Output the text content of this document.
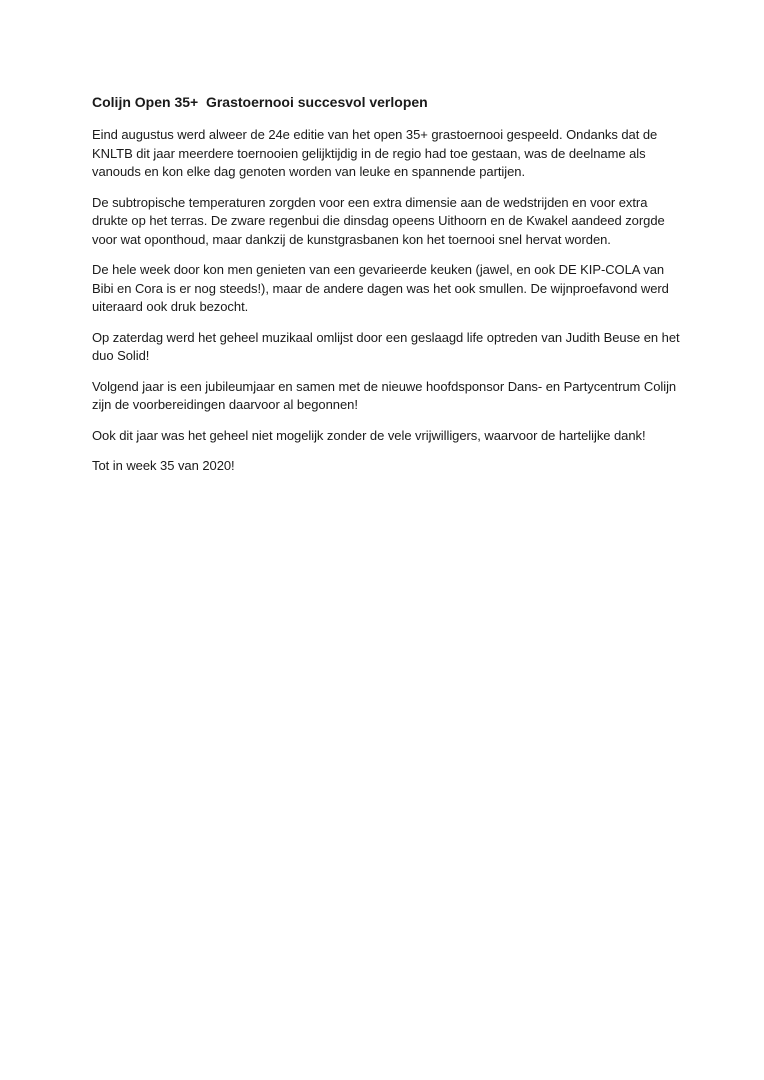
Colijn Open 35+  Grastoernooi succesvol verlopen

Eind augustus werd alweer de 24e editie van het open 35+ grastoernooi gespeeld. Ondanks dat de KNLTB dit jaar meerdere toernooien gelijktijdig in de regio had toe gestaan, was de deelname als vanouds en kon elke dag genoten worden van leuke en spannende partijen.

De subtropische temperaturen zorgden voor een extra dimensie aan de wedstrijden en voor extra drukte op het terras. De zware regenbui die dinsdag opeens Uithoorn en de Kwakel aandeed zorgde voor wat oponthoud, maar dankzij de kunstgrasbanen kon het toernooi snel hervat worden.

De hele week door kon men genieten van een gevarieerde keuken (jawel, en ook DE KIP-COLA van Bibi en Cora is er nog steeds!), maar de andere dagen was het ook smullen. De wijnproefavond werd uiteraard ook druk bezocht.

Op zaterdag werd het geheel muzikaal omlijst door een geslaagd life optreden van Judith Beuse en het duo Solid!

Volgend jaar is een jubileumjaar en samen met de nieuwe hoofdsponsor Dans- en Partycentrum Colijn zijn de voorbereidingen daarvoor al begonnen!

Ook dit jaar was het geheel niet mogelijk zonder de vele vrijwilligers, waarvoor de hartelijke dank!

Tot in week 35 van 2020!
